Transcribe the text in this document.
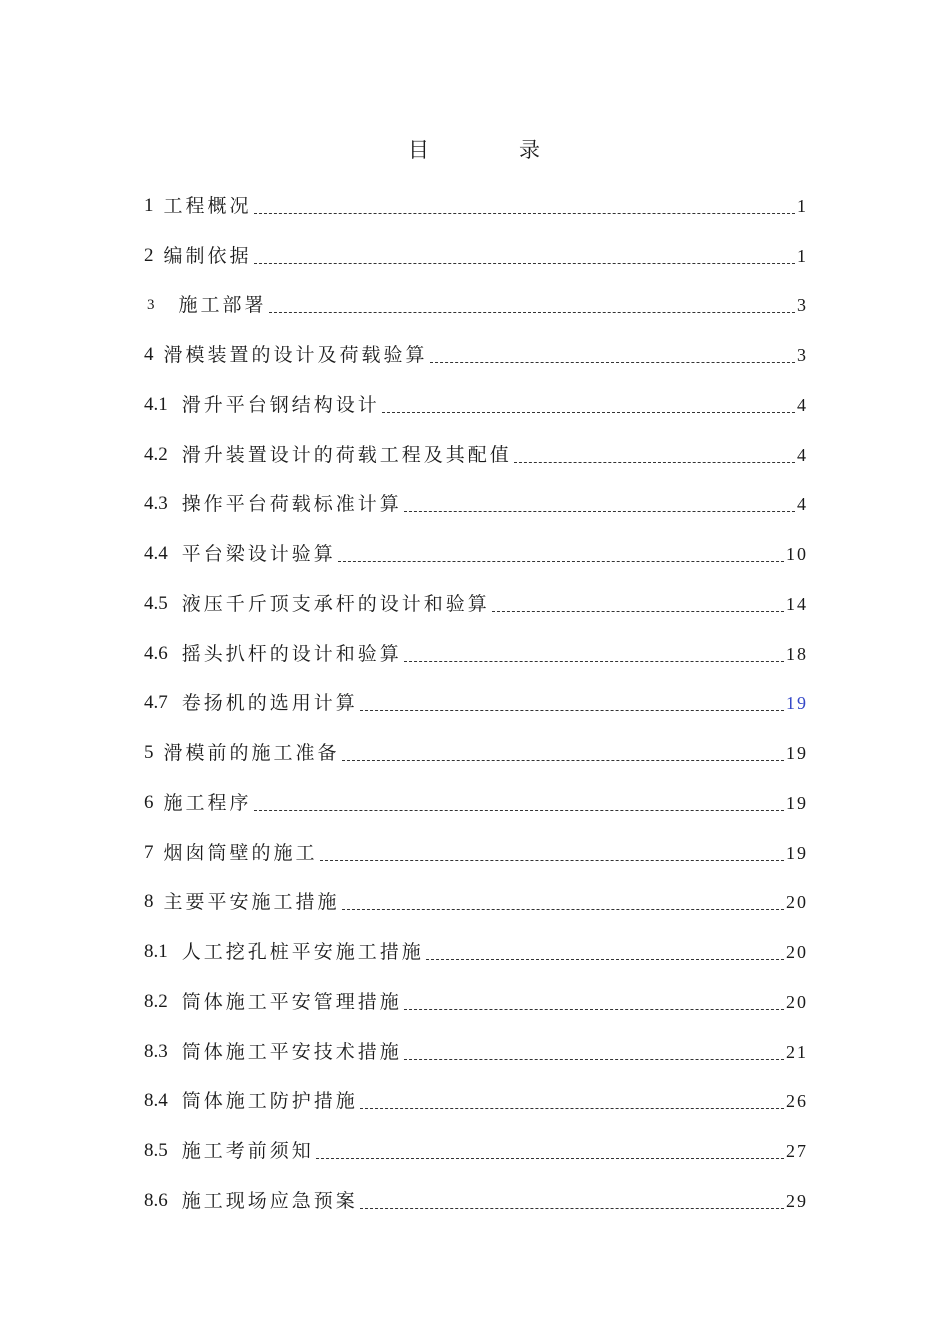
目	录
1 工程概况	1
2 编制依据	1
3 施工部署	3
4 滑模装置的设计及荷载验算	3
4.1 滑升平台钢结构设计	4
4.2 滑升装置设计的荷载工程及其配值	4
4.3 操作平台荷载标准计算	4
4.4 平台梁设计验算	10
4.5 液压千斤顶支承杆的设计和验算	14
4.6 摇头扒杆的设计和验算	18
4.7 卷扬机的选用计算	19
5 滑模前的施工准备	19
6 施工程序	19
7 烟囱筒壁的施工	19
8 主要平安施工措施	20
8.1 人工挖孔桩平安施工措施	20
8.2 筒体施工平安管理措施	20
8.3 筒体施工平安技术措施	21
8.4 筒体施工防护措施	26
8.5 施工考前须知	27
8.6 施工现场应急预案	29
